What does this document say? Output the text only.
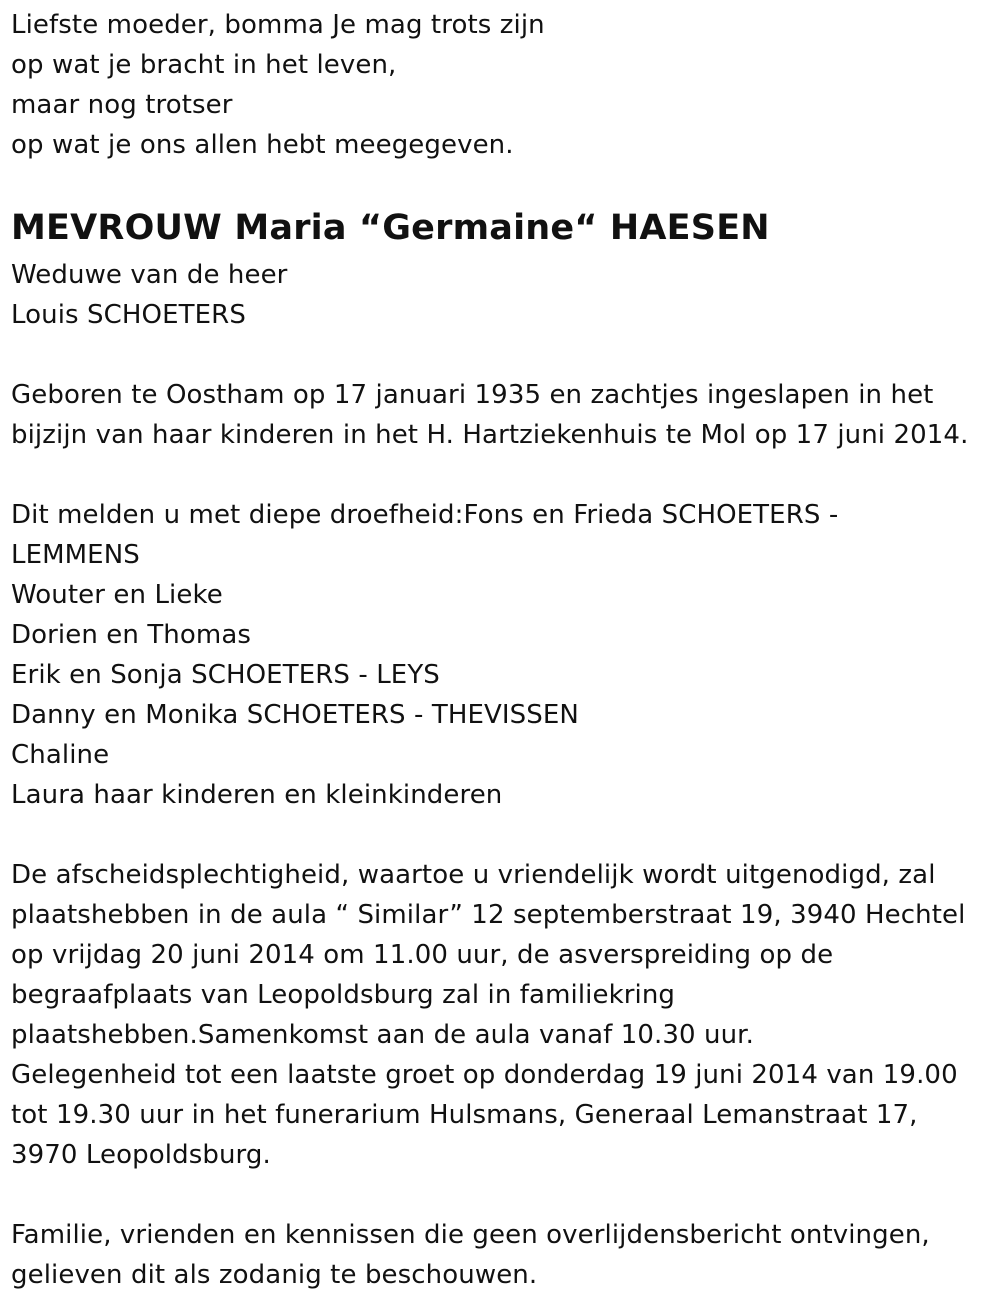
Liefste moeder, bomma Je mag trots zijn
op wat je bracht in het leven,
maar nog trotser
op wat je ons allen hebt meegegeven.
MEVROUW Maria “Germaine“ HAESEN
Weduwe van de heer
Louis SCHOETERS
Geboren te Oostham op 17 januari 1935 en zachtjes ingeslapen in het
bijzijn van haar kinderen in het H. Hartziekenhuis te Mol op 17 juni 2014.
Dit melden u met diepe droefheid:Fons en Frieda SCHOETERS -
LEMMENS
Wouter en Lieke
Dorien en Thomas
Erik en Sonja SCHOETERS - LEYS
Danny en Monika SCHOETERS - THEVISSEN
Chaline
Laura haar kinderen en kleinkinderen
De afscheidsplechtigheid, waartoe u vriendelijk wordt uitgenodigd, zal
plaatshebben in de aula “ Similar” 12 septemberstraat 19, 3940 Hechtel
op vrijdag 20 juni 2014 om 11.00 uur, de asverspreiding op de
begraafplaats van Leopoldsburg zal in familiekring
plaatshebben.Samenkomst aan de aula vanaf 10.30 uur.
Gelegenheid tot een laatste groet op donderdag 19 juni 2014 van 19.00
tot 19.30 uur in het funerarium Hulsmans, Generaal Lemanstraat 17,
3970 Leopoldsburg.
Familie, vrienden en kennissen die geen overlijdensbericht ontvingen,
gelieven dit als zodanig te beschouwen.
